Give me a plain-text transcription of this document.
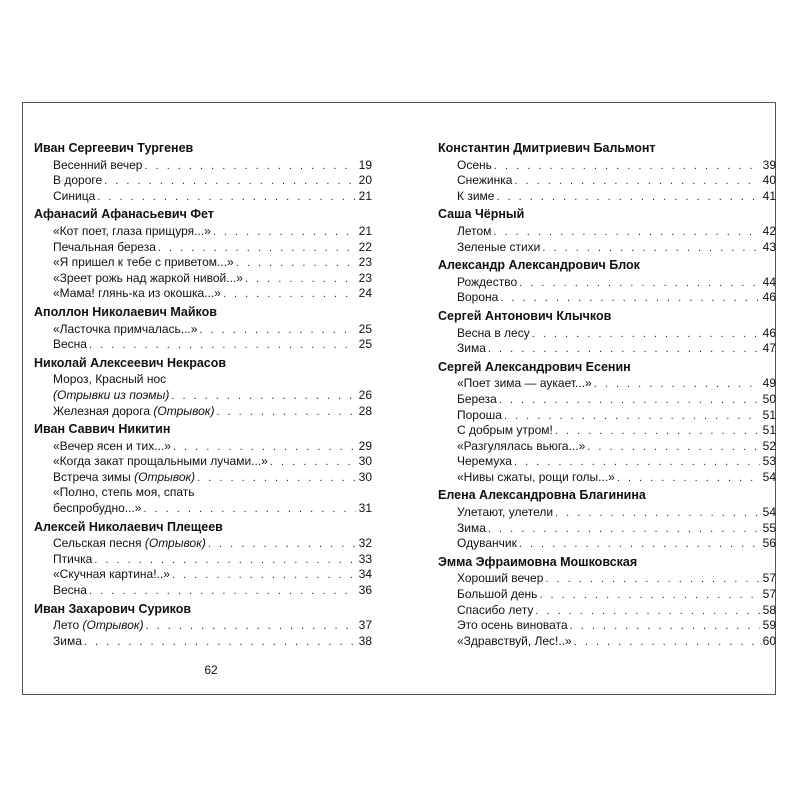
Иван Сергеевич Тургенев
Весенний вечер . . .	19
В дороге . . .	20
Синица . . .	21
Афанасий Афанасьевич Фет
«Кот поет, глаза прищуря...» . . .	21
Печальная береза . . .	22
«Я пришел к тебе с приветом...» . . .	23
«Зреет рожь над жаркой нивой...» . . .	23
«Мама! глянь-ка из окошка...» . . .	24
Аполлон Николаевич Майков
«Ласточка примчалась...» . . .	25
Весна . . .	25
Николай Алексеевич Некрасов
Мороз, Красный нос
(Отрывки из поэмы) . . .	26
Железная дорога (Отрывок) . . .	28
Иван Саввич Никитин
«Вечер ясен и тих...» . . .	29
«Когда закат прощальными лучами...» . . .	30
Встреча зимы (Отрывок) . . .	30
«Полно, степь моя, спать
беспробудно...» . . .	31
Алексей Николаевич Плещеев
Сельская песня (Отрывок) . . .	32
Птичка . . .	33
«Скучная картина!..» . . .	34
Весна . . .	36
Иван Захарович Суриков
Лето (Отрывок) . . .	37
Зима . . .	38
Константин Дмитриевич Бальмонт
Осень . . .	39
Снежинка . . .	40
К зиме . . .	41
Саша Чёрный
Летом . . .	42
Зеленые стихи . . .	43
Александр Александрович Блок
Рождество . . .	44
Ворона . . .	46
Сергей Антонович Клычков
Весна в лесу . . .	46
Зима . . .	47
Сергей Александрович Есенин
«Поет зима — аукает...» . . .	49
Береза . . .	50
Пороша . . .	51
С добрым утром! . . .	51
«Разгулялась вьюга...» . . .	52
Черемуха . . .	53
«Нивы сжаты, рощи голы...» . . .	54
Елена Александровна Благинина
Улетают, улетели . . .	54
Зима . . .	55
Одуванчик . . .	56
Эмма Эфраимовна Мошковская
Хороший вечер . . .	57
Большой день . . .	57
Спасибо лету . . .	58
Это осень виновата . . .	59
«Здравствуй, Лес!..» . . .	60
62
